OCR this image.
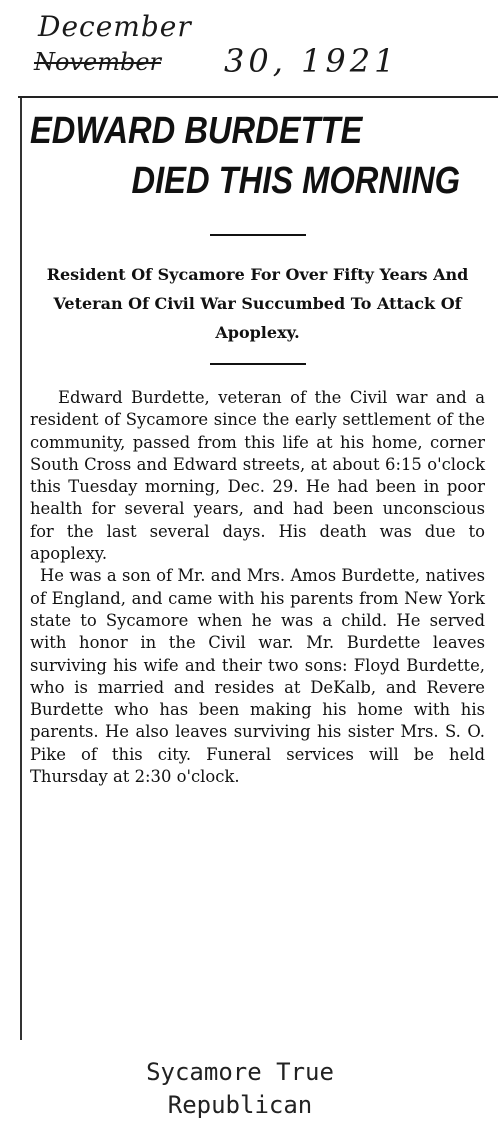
December
November 30, 1921
EDWARD BURDETTE
DIED THIS MORNING

Resident Of Sycamore For Over Fifty Years And Veteran Of Civil War Succumbed To Attack Of Apoplexy.

Edward Burdette, veteran of the Civil war and a resident of Sycamore since the early settlement of the community, passed from this life at his home, corner South Cross and Edward streets, at about 6:15 o'clock this Tuesday morning, Dec. 29. He had been in poor health for several years, and had been unconscious for the last several days. His death was due to apoplexy.

He was a son of Mr. and Mrs. Amos Burdette, natives of England, and came with his parents from New York state to Sycamore when he was a child. He served with honor in the Civil war. Mr. Burdette leaves surviving his wife and their two sons: Floyd Burdette, who is married and resides at DeKalb, and Revere Burdette who has been making his home with his parents. He also leaves surviving his sister Mrs. S. O. Pike of this city. Funeral services will be held Thursday at 2:30 o'clock.

Sycamore True
Republican
